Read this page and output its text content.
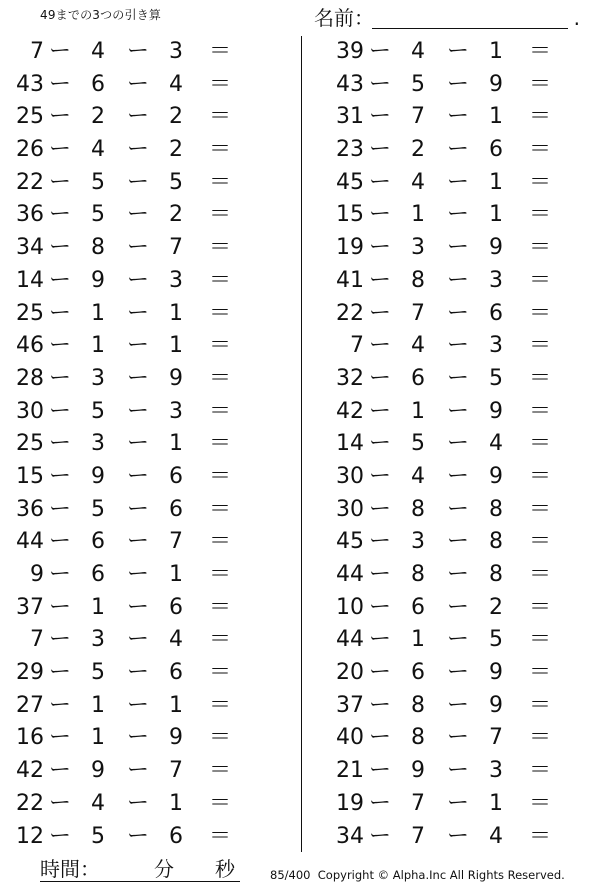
49までの3つの引き算	名前：	.
7 ー 4 ー 3	＝
43 ー 6 ー 4	＝
25 ー 2 ー 2	＝
26 ー 4 ー 2	＝
22 ー 5 ー 5	＝
36 ー 5 ー 2	＝
34 ー 8 ー 7	＝
14 ー 9 ー 3	＝
25 ー 1 ー 1	＝
46 ー 1 ー 1	＝
28 ー 3 ー 9	＝
30 ー 5 ー 3	＝
25 ー 3 ー 1	＝
15 ー 9 ー 6	＝
36 ー 5 ー 6	＝
44 ー 6 ー 7	＝
9 ー 6 ー 1	＝
37 ー 1 ー 6	＝
7 ー 3 ー 4	＝
29 ー 5 ー 6	＝
27 ー 1 ー 1	＝
16 ー 1 ー 9	＝
42 ー 9 ー 7	＝
22 ー 4 ー 1	＝
12 ー 5 ー 6	＝
39 ー 4 ー 1	＝
43 ー 5 ー 9	＝
31 ー 7 ー 1	＝
23 ー 2 ー 6	＝
45 ー 4 ー 1	＝
15 ー 1 ー 1	＝
19 ー 3 ー 9	＝
41 ー 8 ー 3	＝
22 ー 7 ー 6	＝
7 ー 4 ー 3	＝
32 ー 6 ー 5	＝
42 ー 1 ー 9	＝
14 ー 5 ー 4	＝
30 ー 4 ー 9	＝
30 ー 8 ー 8	＝
45 ー 3 ー 8	＝
44 ー 8 ー 8	＝
10 ー 6 ー 2	＝
44 ー 1 ー 5	＝
20 ー 6 ー 9	＝
37 ー 8 ー 9	＝
40 ー 8 ー 7	＝
21 ー 9 ー 3	＝
19 ー 7 ー 1	＝
34 ー 7 ー 4	＝
時間：	分 秒	85/400 Copyright © Alpha.Inc All Rights Reserved.
